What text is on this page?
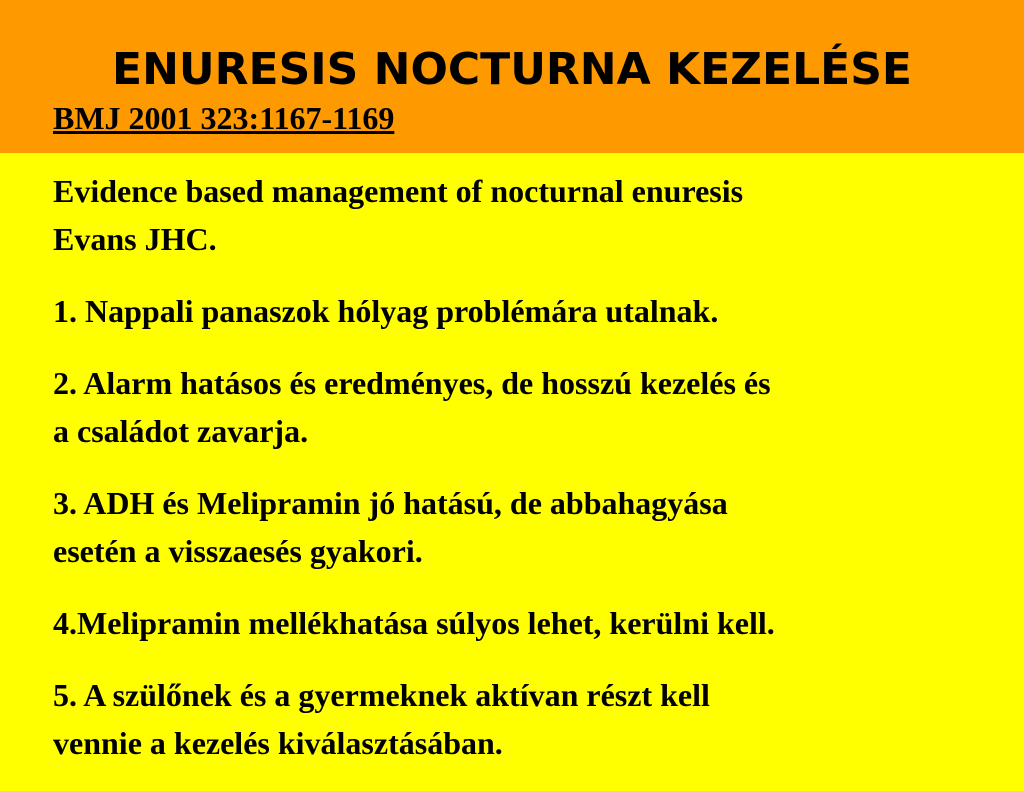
ENURESIS NOCTURNA KEZELÉSE
BMJ 2001 323:1167-1169

Evidence based management of nocturnal enuresis
Evans JHC.

1. Nappali panaszok hólyag problémára utalnak.

2. Alarm hatásos és eredményes, de hosszú kezelés és
a családot zavarja.

3. ADH és Melipramin jó hatású, de abbahagyása
esetén a visszaesés gyakori.

4.Melipramin mellékhatása súlyos lehet, kerülni kell.

5. A szülőnek és a gyermeknek aktívan részt kell
vennie a kezelés kiválasztásában.
